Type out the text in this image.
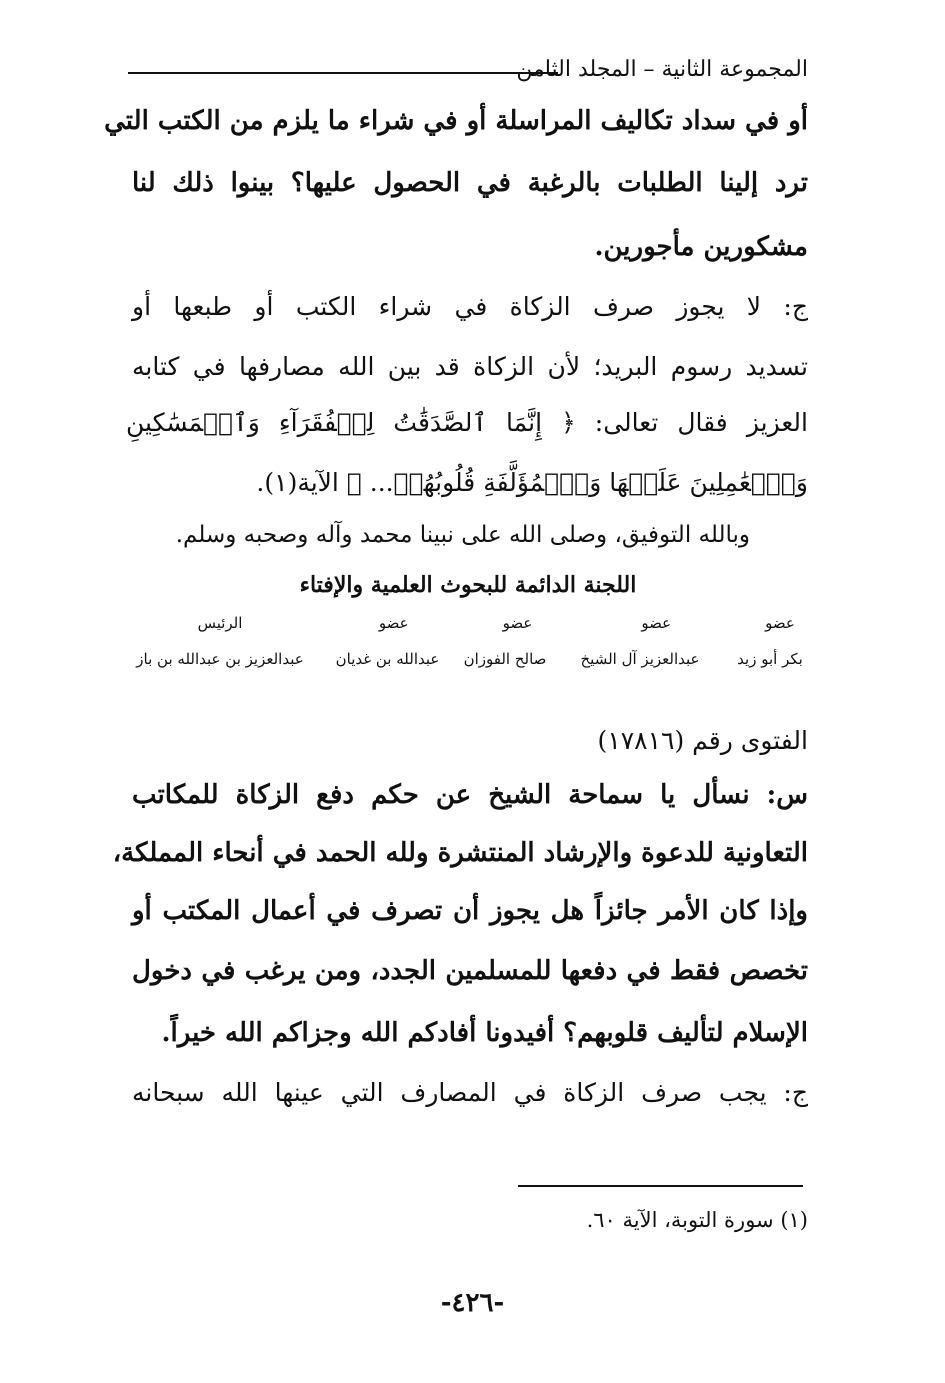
المجموعة الثانية – المجلد الثامن
أو في سداد تكاليف المراسلة أو في شراء ما يلزم من الكتب التي
ترد إلينا الطلبات بالرغبة في الحصول عليها؟ بينوا ذلك لنا
مشكورين مأجورين.
ج: لا يجوز صرف الزكاة في شراء الكتب أو طبعها أو
تسديد رسوم البريد؛ لأن الزكاة قد بين الله مصارفها في كتابه
العزيز فقال تعالى: ﴿ إِنَّمَا ٱلصَّدَقَٰتُ لِلۡفُقَرَآءِ وَٱلۡمَسَٰكِينِ
وَٱلۡعَٰمِلِينَ عَلَيۡهَا وَٱلۡمُؤَلَّفَةِ قُلُوبُهُمۡ... ﴾ الآية(١).
وبالله التوفيق، وصلى الله على نبينا محمد وآله وصحبه وسلم.
اللجنة الدائمة للبحوث العلمية والإفتاء
عضو
عضو
عضو
عضو
الرئيس
بكر أبو زيد
عبدالعزيز آل الشيخ
صالح الفوزان
عبدالله بن غديان
عبدالعزيز بن عبدالله بن باز
الفتوى رقم (١٧٨١٦)
س: نسأل يا سماحة الشيخ عن حكم دفع الزكاة للمكاتب
التعاونية للدعوة والإرشاد المنتشرة ولله الحمد في أنحاء المملكة،
وإذا كان الأمر جائزاً هل يجوز أن تصرف في أعمال المكتب أو
تخصص فقط في دفعها للمسلمين الجدد، ومن يرغب في دخول
الإسلام لتأليف قلوبهم؟ أفيدونا أفادكم الله وجزاكم الله خيراً.
ج: يجب صرف الزكاة في المصارف التي عينها الله سبحانه
(١) سورة التوبة، الآية ٦٠.
-٤٢٦-
